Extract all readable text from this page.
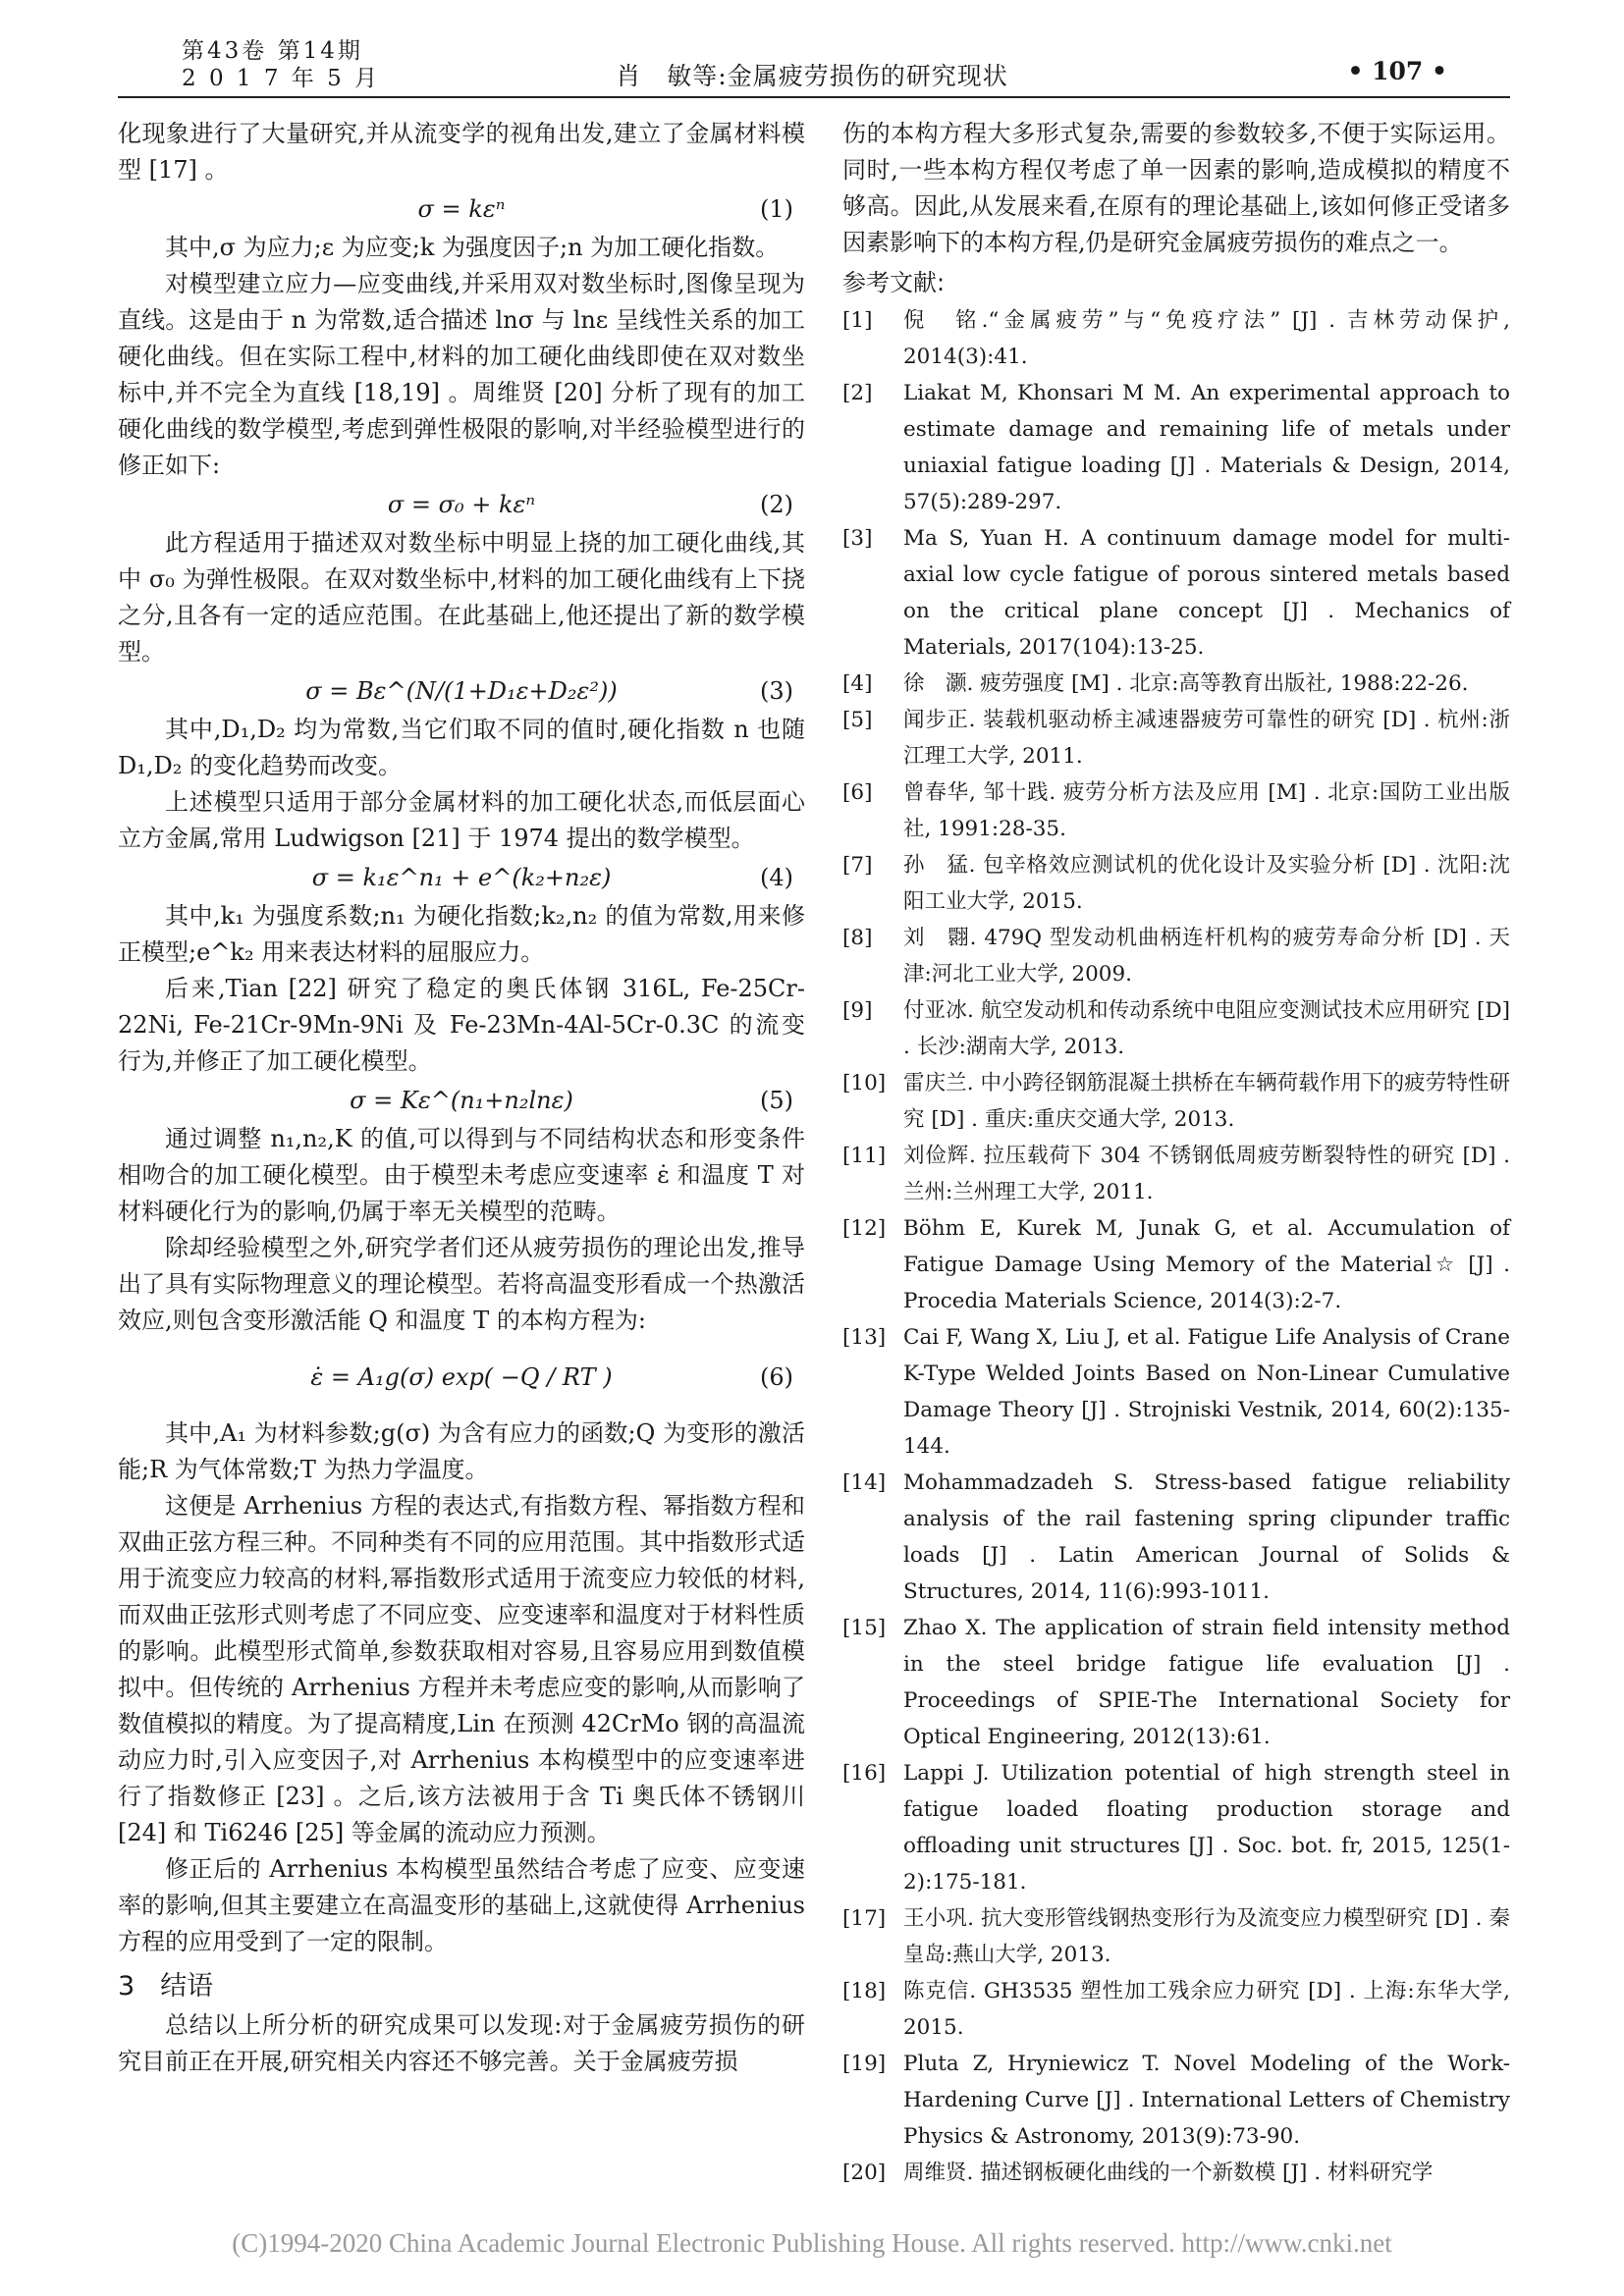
第43卷 第14期
2 0 1 7 年 5 月	肖　敏等:金属疲劳损伤的研究现状	• 107 •

化现象进行了大量研究,并从流变学的视角出发,建立了金属材料模型 [17] 。

σ = kεⁿ	(1)

其中,σ 为应力;ε 为应变;k 为强度因子;n 为加工硬化指数。

对模型建立应力—应变曲线,并采用双对数坐标时,图像呈现为直线。这是由于 n 为常数,适合描述 lnσ 与 lnε 呈线性关系的加工硬化曲线。但在实际工程中,材料的加工硬化曲线即使在双对数坐标中,并不完全为直线 [18,19] 。周维贤 [20] 分析了现有的加工硬化曲线的数学模型,考虑到弹性极限的影响,对半经验模型进行的修正如下:

σ = σ₀ + kεⁿ	(2)

此方程适用于描述双对数坐标中明显上挠的加工硬化曲线,其中 σ₀ 为弹性极限。在双对数坐标中,材料的加工硬化曲线有上下挠之分,且各有一定的适应范围。在此基础上,他还提出了新的数学模型。

σ = Bε^(N/(1+D₁ε+D₂ε²))	(3)

其中,D₁,D₂ 均为常数,当它们取不同的值时,硬化指数 n 也随 D₁,D₂ 的变化趋势而改变。

上述模型只适用于部分金属材料的加工硬化状态,而低层面心立方金属,常用 Ludwigson [21] 于 1974 提出的数学模型。

σ = k₁ε^n₁ + e^(k₂+n₂ε)	(4)

其中,k₁ 为强度系数;n₁ 为硬化指数;k₂,n₂ 的值为常数,用来修正模型;e^k₂ 用来表达材料的屈服应力。

后来,Tian [22] 研究了稳定的奥氏体钢 316L, Fe-25Cr-22Ni, Fe-21Cr-9Mn-9Ni 及 Fe-23Mn-4Al-5Cr-0.3C 的流变行为,并修正了加工硬化模型。

σ = Kε^(n₁+n₂lnε)	(5)

通过调整 n₁,n₂,K 的值,可以得到与不同结构状态和形变条件相吻合的加工硬化模型。由于模型未考虑应变速率 ε̇ 和温度 T 对材料硬化行为的影响,仍属于率无关模型的范畴。

除却经验模型之外,研究学者们还从疲劳损伤的理论出发,推导出了具有实际物理意义的理论模型。若将高温变形看成一个热激活效应,则包含变形激活能 Q 和温度 T 的本构方程为:

ε̇ = A₁g(σ) exp( −Q / RT )	(6)

其中,A₁ 为材料参数;g(σ) 为含有应力的函数;Q 为变形的激活能;R 为气体常数;T 为热力学温度。

这便是 Arrhenius 方程的表达式,有指数方程、幂指数方程和双曲正弦方程三种。不同种类有不同的应用范围。其中指数形式适用于流变应力较高的材料,幂指数形式适用于流变应力较低的材料,而双曲正弦形式则考虑了不同应变、应变速率和温度对于材料性质的影响。此模型形式简单,参数获取相对容易,且容易应用到数值模拟中。但传统的 Arrhenius 方程并未考虑应变的影响,从而影响了数值模拟的精度。为了提高精度,Lin 在预测 42CrMo 钢的高温流动应力时,引入应变因子,对 Arrhenius 本构模型中的应变速率进行了指数修正 [23] 。之后,该方法被用于含 Ti 奥氏体不锈钢川 [24] 和 Ti6246 [25] 等金属的流动应力预测。

修正后的 Arrhenius 本构模型虽然结合考虑了应变、应变速率的影响,但其主要建立在高温变形的基础上,这就使得 Arrhenius 方程的应用受到了一定的限制。

3 结语

总结以上所分析的研究成果可以发现:对于金属疲劳损伤的研究目前正在开展,研究相关内容还不够完善。关于金属疲劳损

伤的本构方程大多形式复杂,需要的参数较多,不便于实际运用。同时,一些本构方程仅考虑了单一因素的影响,造成模拟的精度不够高。因此,从发展来看,在原有的理论基础上,该如何修正受诸多因素影响下的本构方程,仍是研究金属疲劳损伤的难点之一。

参考文献:
[1] 倪　铭.“金属疲劳”与“免疫疗法” [J] . 吉林劳动保护, 2014(3):41.
[2] Liakat M, Khonsari M M. An experimental approach to estimate damage and remaining life of metals under uniaxial fatigue loading [J] . Materials & Design, 2014, 57(5):289-297.
[3] Ma S, Yuan H. A continuum damage model for multi-axial low cycle fatigue of porous sintered metals based on the critical plane concept [J] . Mechanics of Materials, 2017(104):13-25.
[4] 徐　灏. 疲劳强度 [M] . 北京:高等教育出版社, 1988:22-26.
[5] 闻步正. 装载机驱动桥主减速器疲劳可靠性的研究 [D] . 杭州:浙江理工大学, 2011.
[6] 曾春华, 邹十践. 疲劳分析方法及应用 [M] . 北京:国防工业出版社, 1991:28-35.
[7] 孙　猛. 包辛格效应测试机的优化设计及实验分析 [D] . 沈阳:沈阳工业大学, 2015.
[8] 刘　翾. 479Q 型发动机曲柄连杆机构的疲劳寿命分析 [D] . 天津:河北工业大学, 2009.
[9] 付亚冰. 航空发动机和传动系统中电阻应变测试技术应用研究 [D] . 长沙:湖南大学, 2013.
[10] 雷庆兰. 中小跨径钢筋混凝土拱桥在车辆荷载作用下的疲劳特性研究 [D] . 重庆:重庆交通大学, 2013.
[11] 刘俭辉. 拉压载荷下 304 不锈钢低周疲劳断裂特性的研究 [D] . 兰州:兰州理工大学, 2011.
[12] Böhm E, Kurek M, Junak G, et al. Accumulation of Fatigue Damage Using Memory of the Material☆ [J] . Procedia Materials Science, 2014(3):2-7.
[13] Cai F, Wang X, Liu J, et al. Fatigue Life Analysis of Crane K-Type Welded Joints Based on Non-Linear Cumulative Damage Theory [J] . Strojniski Vestnik, 2014, 60(2):135-144.
[14] Mohammadzadeh S. Stress-based fatigue reliability analysis of the rail fastening spring clipunder traffic loads [J] . Latin American Journal of Solids & Structures, 2014, 11(6):993-1011.
[15] Zhao X. The application of strain field intensity method in the steel bridge fatigue life evaluation [J] . Proceedings of SPIE-The International Society for Optical Engineering, 2012(13):61.
[16] Lappi J. Utilization potential of high strength steel in fatigue loaded floating production storage and offloading unit structures [J] . Soc. bot. fr, 2015, 125(1-2):175-181.
[17] 王小巩. 抗大变形管线钢热变形行为及流变应力模型研究 [D] . 秦皇岛:燕山大学, 2013.
[18] 陈克信. GH3535 塑性加工残余应力研究 [D] . 上海:东华大学, 2015.
[19] Pluta Z, Hryniewicz T. Novel Modeling of the Work-Hardening Curve [J] . International Letters of Chemistry Physics & Astronomy, 2013(9):73-90.
[20] 周维贤. 描述钢板硬化曲线的一个新数模 [J] . 材料研究学
(C)1994-2020 China Academic Journal Electronic Publishing House. All rights reserved. http://www.cnki.net
